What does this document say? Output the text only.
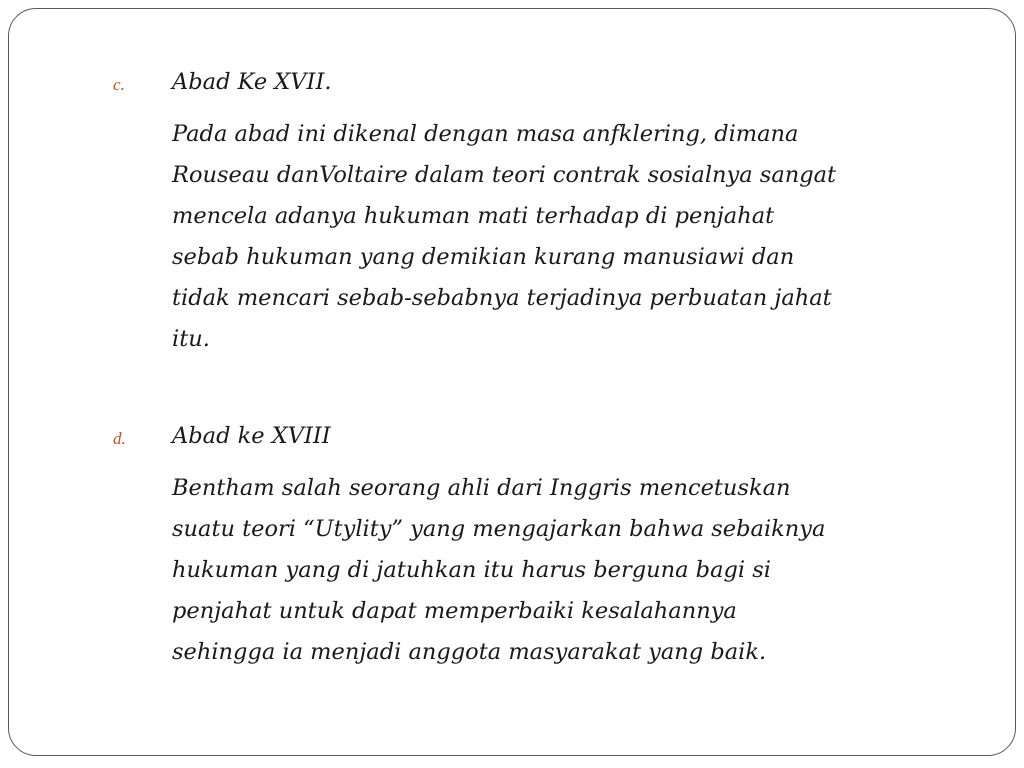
c. Abad Ke XVII.
Pada abad ini dikenal dengan masa anfklering, dimana
Rouseau danVoltaire dalam teori contrak sosialnya sangat
mencela adanya hukuman mati terhadap di penjahat
sebab hukuman yang demikian kurang manusiawi dan
tidak mencari sebab-sebabnya terjadinya perbuatan jahat
itu.
d. Abad ke XVIII
Bentham salah seorang ahli dari Inggris mencetuskan
suatu teori “Utylity” yang mengajarkan bahwa sebaiknya
hukuman yang di jatuhkan itu harus berguna bagi si
penjahat untuk dapat memperbaiki kesalahannya
sehingga ia menjadi anggota masyarakat yang baik.
